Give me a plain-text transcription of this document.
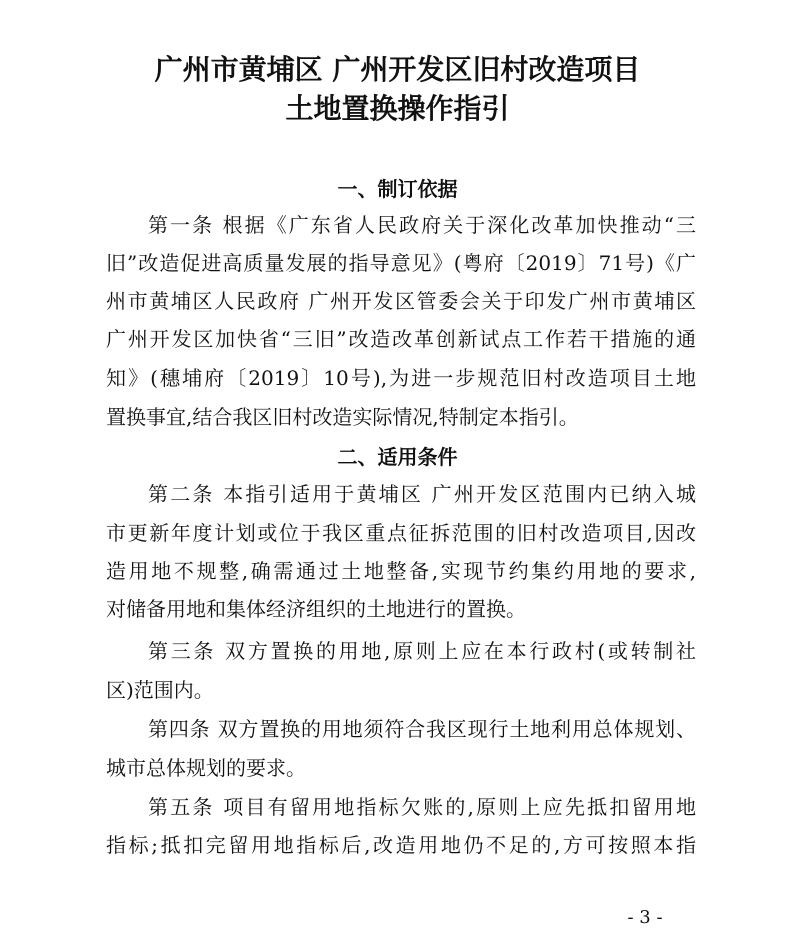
广州市黄埔区 广州开发区旧村改造项目
土地置换操作指引
一、制订依据
第一条 根据《广东省人民政府关于深化改革加快推动“三
旧”改造促进高质量发展的指导意见》(粤府〔2019〕71号)《广
州市黄埔区人民政府 广州开发区管委会关于印发广州市黄埔区
广州开发区加快省“三旧”改造改革创新试点工作若干措施的通
知》(穗埔府〔2019〕10号),为进一步规范旧村改造项目土地
置换事宜,结合我区旧村改造实际情况,特制定本指引。
二、适用条件
第二条 本指引适用于黄埔区 广州开发区范围内已纳入城
市更新年度计划或位于我区重点征拆范围的旧村改造项目,因改
造用地不规整,确需通过土地整备,实现节约集约用地的要求,
对储备用地和集体经济组织的土地进行的置换。
第三条 双方置换的用地,原则上应在本行政村(或转制社
区)范围内。
第四条 双方置换的用地须符合我区现行土地利用总体规划、
城市总体规划的要求。
第五条 项目有留用地指标欠账的,原则上应先抵扣留用地
指标;抵扣完留用地指标后,改造用地仍不足的,方可按照本指
- 3 -
